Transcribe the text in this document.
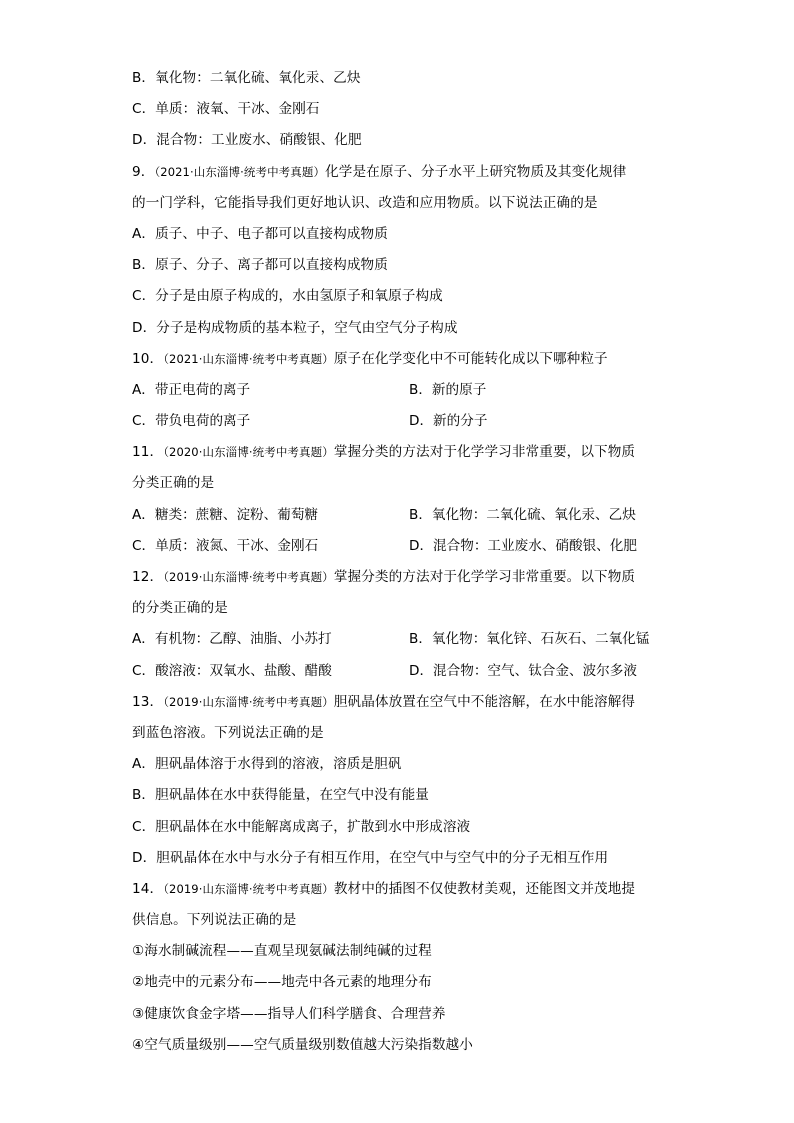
B．氧化物：二氧化硫、氧化汞、乙炔
C．单质：液氧、干冰、金刚石
D．混合物：工业废水、硝酸银、化肥
9．（2021·山东淄博·统考中考真题）化学是在原子、分子水平上研究物质及其变化规律
的一门学科，它能指导我们更好地认识、改造和应用物质。以下说法正确的是
A．质子、中子、电子都可以直接构成物质
B．原子、分子、离子都可以直接构成物质
C．分子是由原子构成的，水由氢原子和氧原子构成
D．分子是构成物质的基本粒子，空气由空气分子构成
10．（2021·山东淄博·统考中考真题）原子在化学变化中不可能转化成以下哪种粒子
A．带正电荷的离子	B．新的原子
C．带负电荷的离子	D．新的分子
11．（2020·山东淄博·统考中考真题）掌握分类的方法对于化学学习非常重要，以下物质
分类正确的是
A．糖类：蔗糖、淀粉、葡萄糖	B．氧化物：二氧化硫、氧化汞、乙炔
C．单质：液氮、干冰、金刚石	D．混合物：工业废水、硝酸银、化肥
12．（2019·山东淄博·统考中考真题）掌握分类的方法对于化学学习非常重要。以下物质
的分类正确的是
A．有机物：乙醇、油脂、小苏打	B．氧化物：氧化锌、石灰石、二氧化锰
C．酸溶液：双氧水、盐酸、醋酸	D．混合物：空气、钛合金、波尔多液
13．（2019·山东淄博·统考中考真题）胆矾晶体放置在空气中不能溶解，在水中能溶解得
到蓝色溶液。下列说法正确的是
A．胆矾晶体溶于水得到的溶液，溶质是胆矾
B．胆矾晶体在水中获得能量，在空气中没有能量
C．胆矾晶体在水中能解离成离子，扩散到水中形成溶液
D．胆矾晶体在水中与水分子有相互作用，在空气中与空气中的分子无相互作用
14．（2019·山东淄博·统考中考真题）教材中的插图不仅使教材美观，还能图文并茂地提
供信息。下列说法正确的是
①海水制碱流程——直观呈现氨碱法制纯碱的过程
②地壳中的元素分布——地壳中各元素的地理分布
③健康饮食金字塔——指导人们科学膳食、合理营养
④空气质量级别——空气质量级别数值越大污染指数越小
